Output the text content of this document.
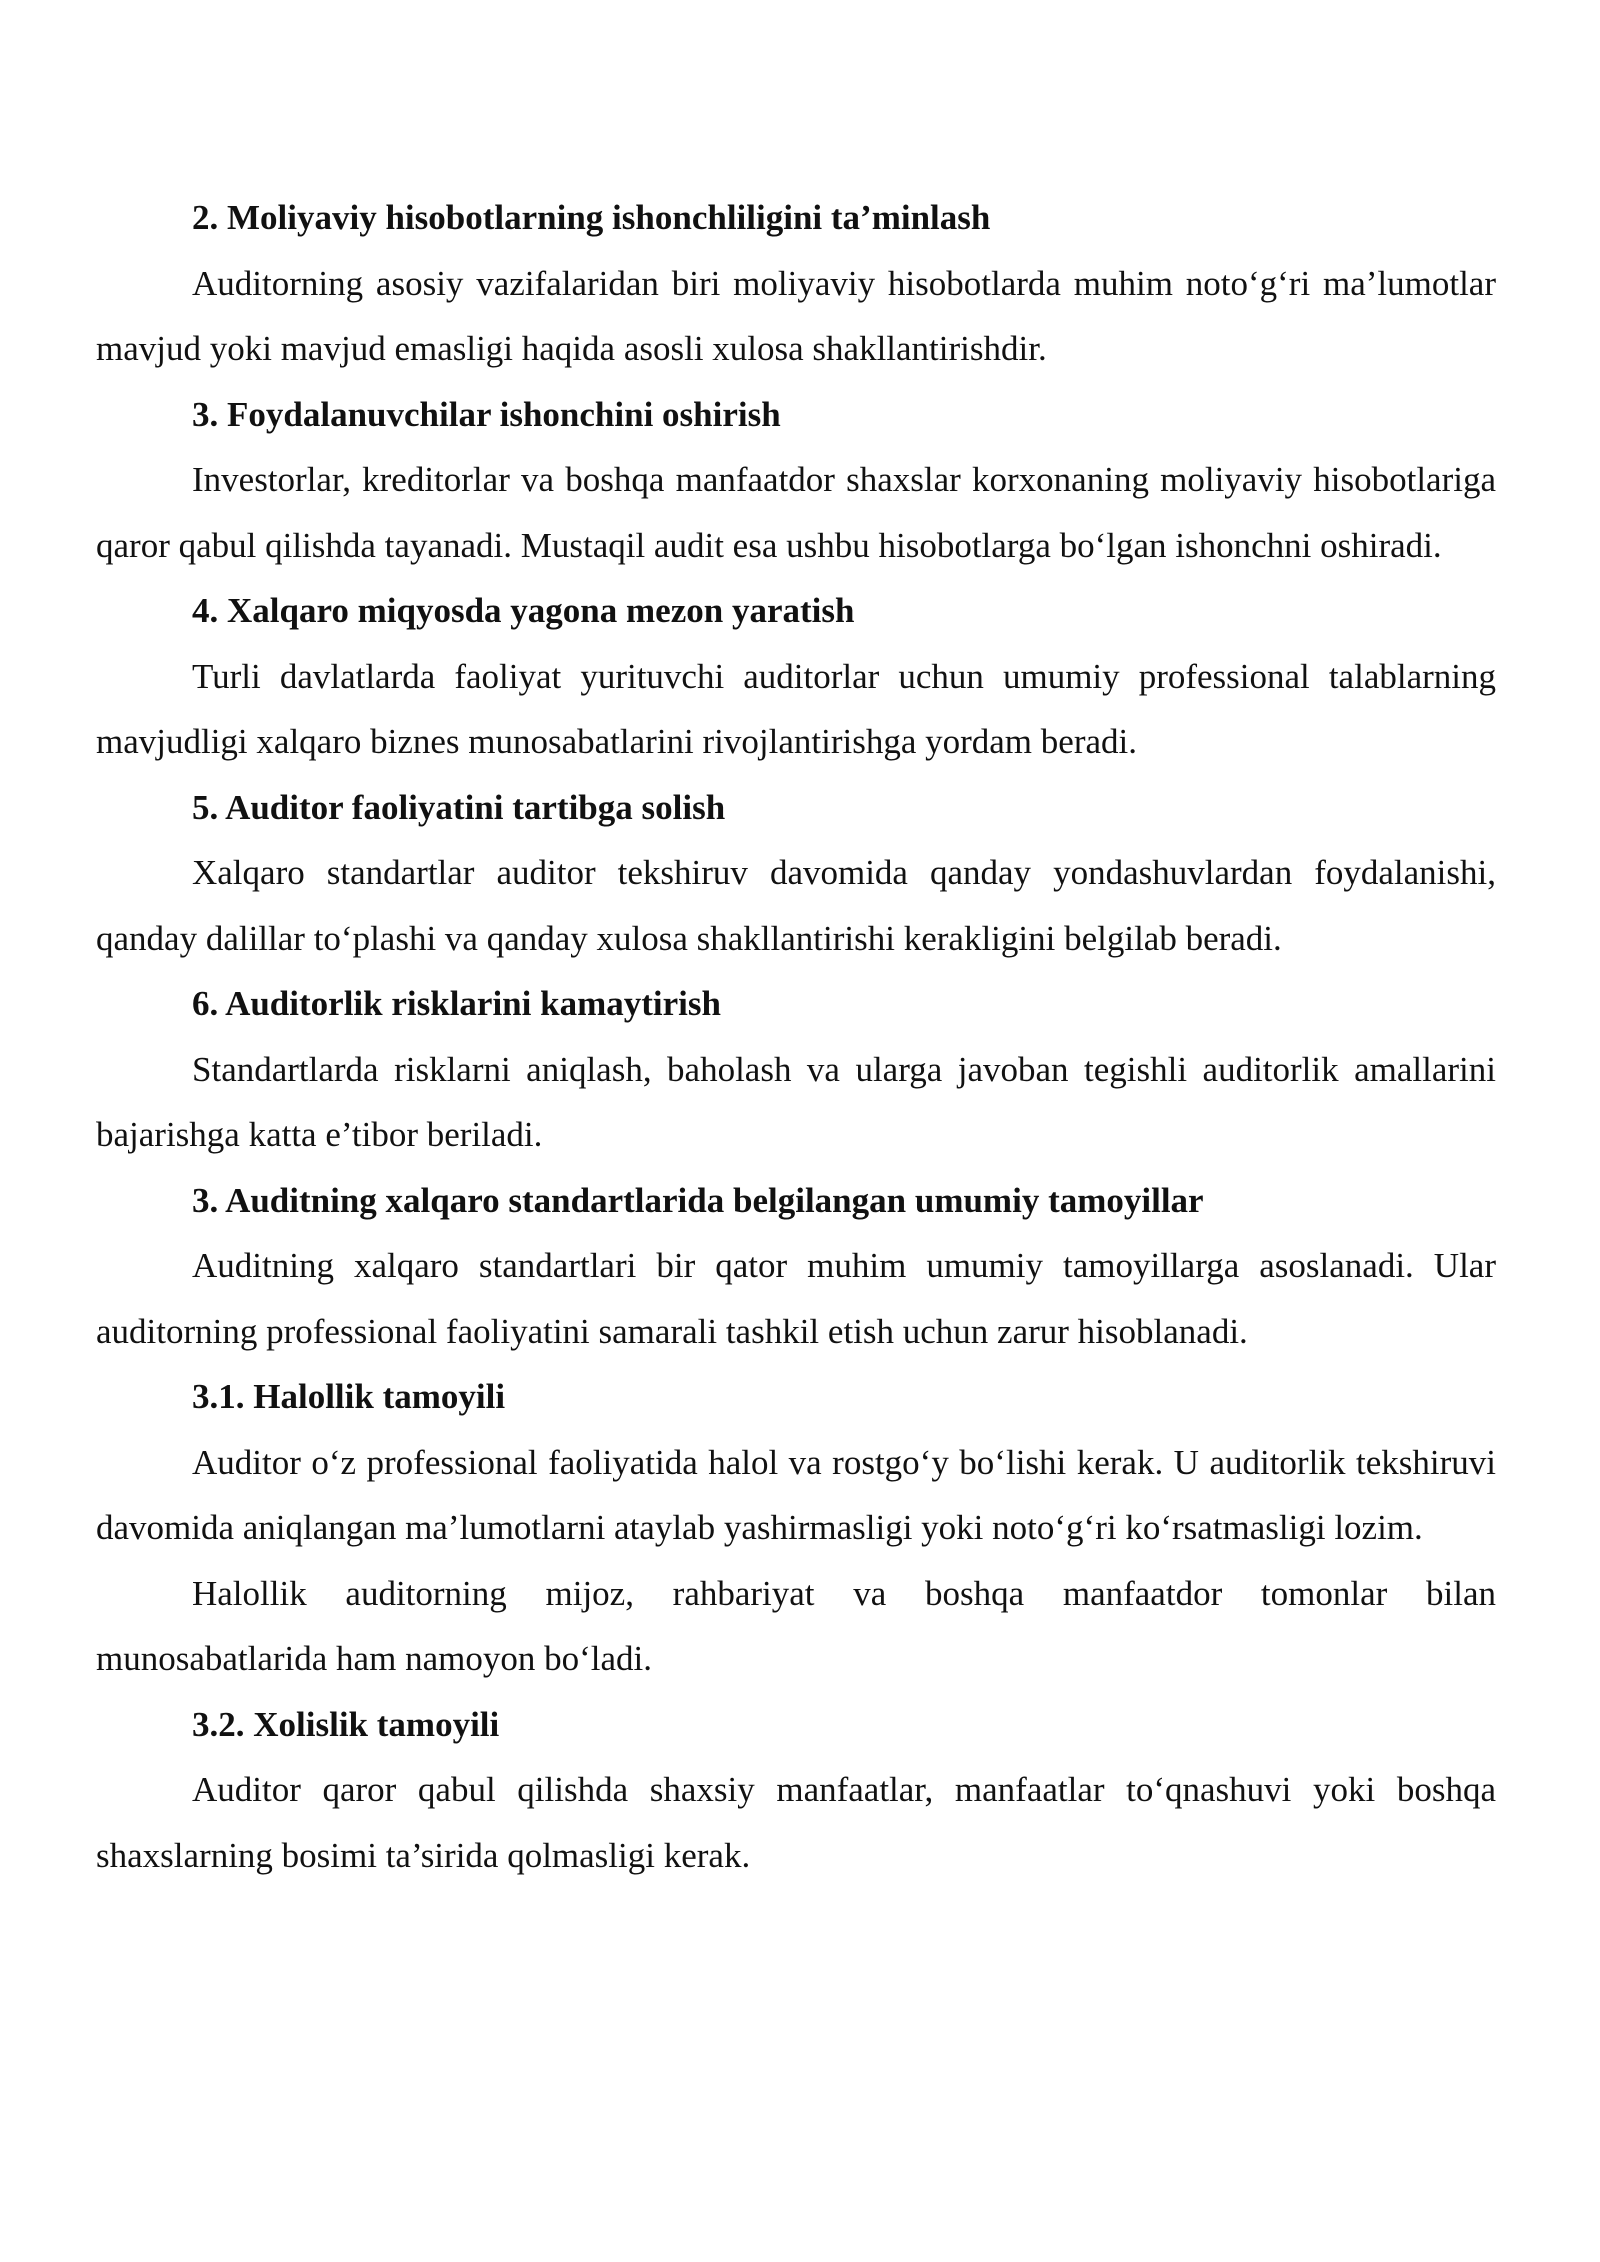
2. Moliyaviy hisobotlarning ishonchliligini ta’minlash

Auditorning asosiy vazifalaridan biri moliyaviy hisobotlarda muhim noto‘g‘ri ma’lumotlar mavjud yoki mavjud emasligi haqida asosli xulosa shakllantirishdir.

3. Foydalanuvchilar ishonchini oshirish

Investorlar, kreditorlar va boshqa manfaatdor shaxslar korxonaning moliyaviy hisobotlariga qaror qabul qilishda tayanadi. Mustaqil audit esa ushbu hisobotlarga bo‘lgan ishonchni oshiradi.

4. Xalqaro miqyosda yagona mezon yaratish

Turli davlatlarda faoliyat yurituvchi auditorlar uchun umumiy professional talablarning mavjudligi xalqaro biznes munosabatlarini rivojlantirishga yordam beradi.

5. Auditor faoliyatini tartibga solish

Xalqaro standartlar auditor tekshiruv davomida qanday yondashuvlardan foydalanishi, qanday dalillar to‘plashi va qanday xulosa shakllantirishi kerakligini belgilab beradi.

6. Auditorlik risklarini kamaytirish

Standartlarda risklarni aniqlash, baholash va ularga javoban tegishli auditorlik amallarini bajarishga katta e’tibor beriladi.

3. Auditning xalqaro standartlarida belgilangan umumiy tamoyillar

Auditning xalqaro standartlari bir qator muhim umumiy tamoyillarga asoslanadi. Ular auditorning professional faoliyatini samarali tashkil etish uchun zarur hisoblanadi.

3.1. Halollik tamoyili

Auditor o‘z professional faoliyatida halol va rostgo‘y bo‘lishi kerak. U auditorlik tekshiruvi davomida aniqlangan ma’lumotlarni ataylab yashirmasligi yoki noto‘g‘ri ko‘rsatmasligi lozim.

Halollik auditorning mijoz, rahbariyat va boshqa manfaatdor tomonlar bilan munosabatlarida ham namoyon bo‘ladi.

3.2. Xolislik tamoyili

Auditor qaror qabul qilishda shaxsiy manfaatlar, manfaatlar to‘qnashuvi yoki boshqa shaxslarning bosimi ta’sirida qolmasligi kerak.
